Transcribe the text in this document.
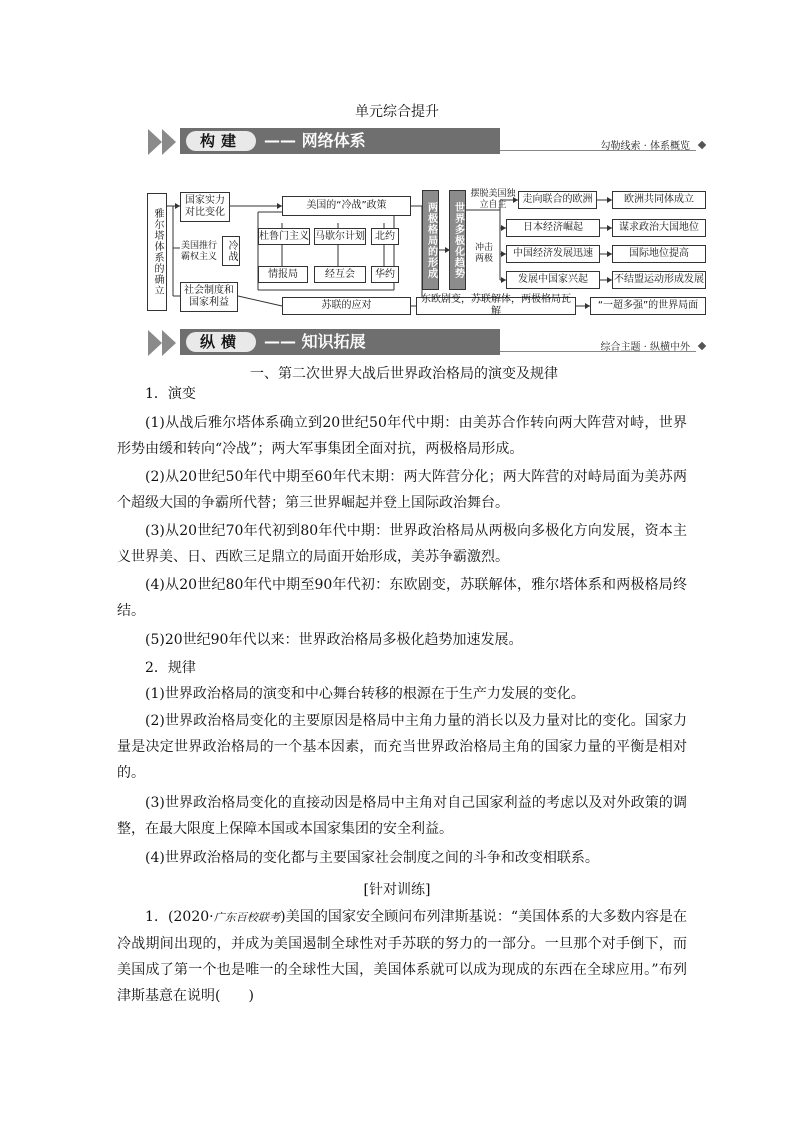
单元综合提升
构建	—— 网络体系	勾勒线索 · 体系概览
雅尔塔体系的确立
国家实力对比变化
美国推行霸权主义 冷战
社会制度和国家利益
美国的“冷战”政策
杜鲁门主义 马歇尔计划	北约
情报局	经互会	华约
苏联的应对
两极格局的形成	世界多极化趋势
摆脱美国独立自主
冲击两极
走向联合的欧洲	欧洲共同体成立
日本经济崛起	谋求政治大国地位
中国经济发展迅速	国际地位提高
发展中国家兴起	不结盟运动形成发展
东欧剧变，苏联解体，两极格局瓦解
“一超多强”的世界局面
纵横	—— 知识拓展	综合主题 · 纵横中外
一、第二次世界大战后世界政治格局的演变及规律
1．演变
(1)从战后雅尔塔体系确立到20世纪50年代中期：由美苏合作转向两大阵营对峙，世界形势由缓和转向“冷战”；两大军事集团全面对抗，两极格局形成。
(2)从20世纪50年代中期至60年代末期：两大阵营分化；两大阵营的对峙局面为美苏两个超级大国的争霸所代替；第三世界崛起并登上国际政治舞台。
(3)从20世纪70年代初到80年代中期：世界政治格局从两极向多极化方向发展，资本主义世界美、日、西欧三足鼎立的局面开始形成，美苏争霸激烈。
(4)从20世纪80年代中期至90年代初：东欧剧变，苏联解体，雅尔塔体系和两极格局终结。
(5)20世纪90年代以来：世界政治格局多极化趋势加速发展。
2．规律
(1)世界政治格局的演变和中心舞台转移的根源在于生产力发展的变化。
(2)世界政治格局变化的主要原因是格局中主角力量的消长以及力量对比的变化。国家力量是决定世界政治格局的一个基本因素，而充当世界政治格局主角的国家力量的平衡是相对的。
(3)世界政治格局变化的直接动因是格局中主角对自己国家利益的考虑以及对外政策的调整，在最大限度上保障本国或本国家集团的安全利益。
(4)世界政治格局的变化都与主要国家社会制度之间的斗争和改变相联系。
[针对训练]
1．(2020·广东百校联考)美国的国家安全顾问布列津斯基说：“美国体系的大多数内容是在冷战期间出现的，并成为美国遏制全球性对手苏联的努力的一部分。一旦那个对手倒下，而美国成了第一个也是唯一的全球性大国，美国体系就可以成为现成的东西在全球应用。”布列津斯基意在说明(　　)
